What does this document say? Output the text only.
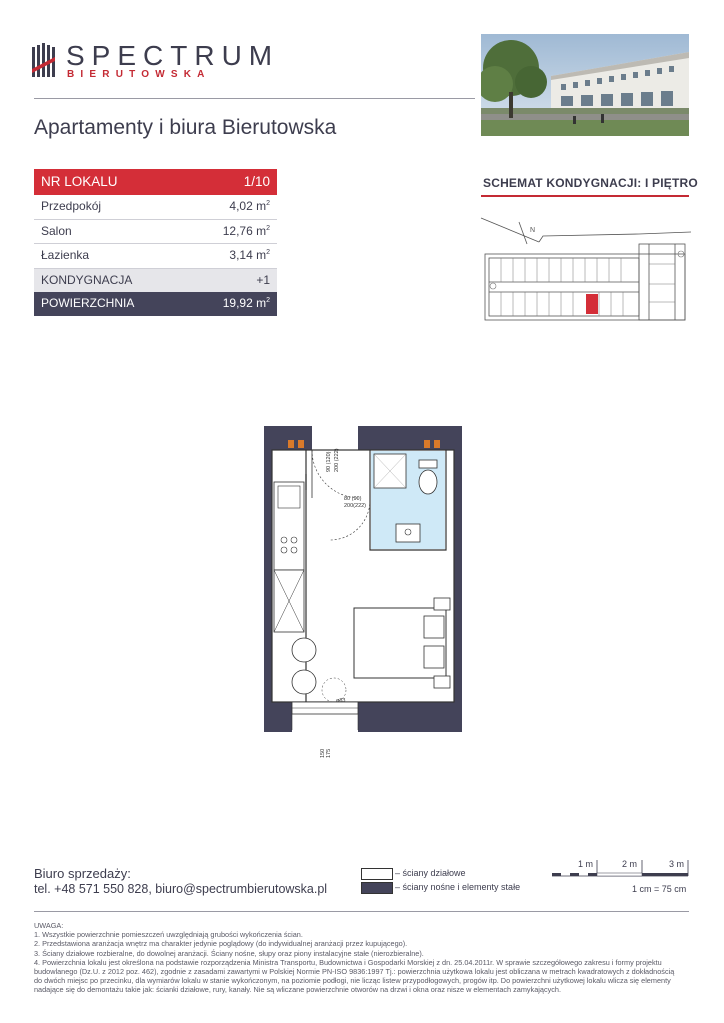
SPECTRUM
BIERUTOWSKA
Apartamenty i biura Bierutowska
NR LOKALU	1/10
Przedpokój	4,02 $m^2$
Salon	12,76 $m^2$
Łazienka	3,14 $m^2$
KONDYGNACJA	+1
POWIERZCHNIA	19,92 $m^2$
SCHEMAT KONDYGNACJI: I PIĘTRO
N
90 (120)
200 (222)
80 (90)
200(222)
ø83
150 175
Biuro sprzedaży:
tel. +48 571 550 828, biuro@spectrumbierutowska.pl
– ściany działowe
– ściany nośne i elementy stałe
1 m	2 m	3 m
1 cm = 75 cm
UWAGA:
1. Wszystkie powierzchnie pomieszczeń uwzględniają grubości wykończenia ścian.
2. Przedstawiona aranżacja wnętrz ma charakter jedynie poglądowy (do indywidualnej aranżacji przez kupującego).
3. Ściany działowe rozbieralne, do dowolnej aranżacji. Ściany nośne, słupy oraz piony instalacyjne stałe (nierozbieralne).
4. Powierzchnia lokalu jest określona na podstawie rozporządzenia Ministra Transportu, Budownictwa i Gospodarki Morskiej z dn. 25.04.2011r. W sprawie szczegółowego zakresu i formy projektu
budowlanego (Dz.U. z 2012 poz. 462), zgodnie z zasadami zawartymi w Polskiej Normie PN-ISO 9836:1997 Tj.: powierzchnia użytkowa lokalu jest obliczana w metrach kwadratowych z dokładnością
do dwóch miejsc po przecinku, dla wymiarów lokalu w stanie wykończonym, na poziomie podłogi, nie licząc listew przypodłogowych, progów itp. Do powierzchni użytkowej lokalu wlicza się elementy
nadające się do demontażu takie jak: ścianki działowe, rury, kanały. Nie są wliczane powierzchnie otworów na drzwi i okna oraz nisze w elementach zamykających.
